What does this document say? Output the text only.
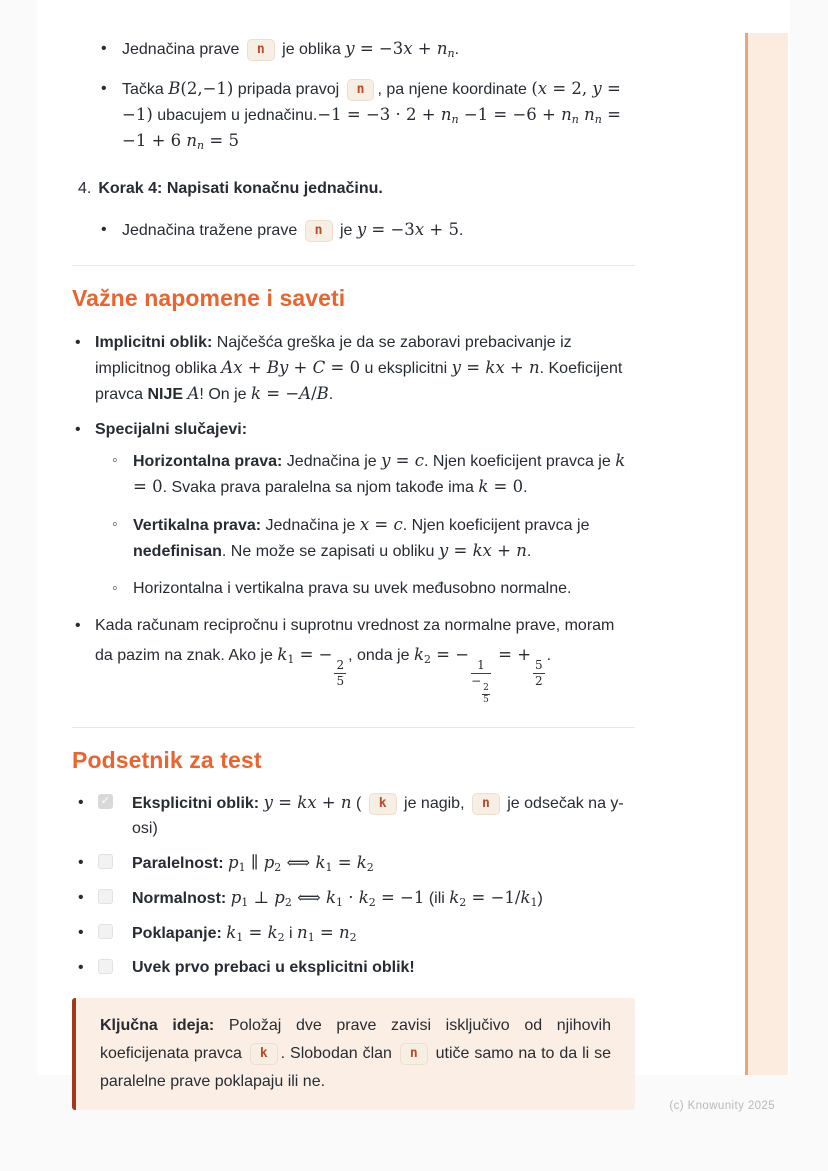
• Jednačina prave n je oblika $y = -3x + n_n$.
• Tačka B(2,−1) pripada pravoj n , pa njene koordinate (x = 2, y = −1) ubacujem u jednačinu.−1 = $-3 \cdot 2 + n_n -1 = -6 + n_n$ $n_n = -1 + 6$ $n_n = 5$
4. Korak 4: Napisati konačnu jednačinu.
• Jednačina tražene prave n je y = −3x + 5.
Važne napomene i saveti
• Implicitni oblik: Najčešća greška je da se zaboravi prebacivanje iz implicitnog oblika Ax + By + C = 0 u eksplicitni y = kx + n. Koeficijent pravca NIJE A! On je k = −A/B.
• Specijalni slučajevi:
◦ Horizontalna prava: Jednačina je y = c. Njen koeficijent pravca je k = 0. Svaka prava paralelna sa njom takođe ima k = 0.
◦ Vertikalna prava: Jednačina je x = c. Njen koeficijent pravca je nedefinisan. Ne može se zapisati u obliku y = kx + n.
◦ Horizontalna i vertikalna prava su uvek međusobno normalne.
• Kada računam recipročnu i suprotnu vrednost za normalne prave, moram da pazim na znak. Ako je $k_1$ = −
$\frac{2}{5}$
, onda je $k_2$ = −
1
−
$\frac{2}{5}$
= +
$\frac{5}{2}$
.
Podsetnik za test
• ✓ Eksplicitni oblik: y = kx + n ( k je nagib, n je odsečak na y-osi)
• Paralelnost: $p_1$ ∥ $p_2$ ⟺ $k_1 = k_2$
• Normalnost: $p_1$ ⊥ $p_2$ ⟺ $k_1 \cdot k_2 = -1$ (ili $k_2 = -1/k_1$)
• Poklapanje: $k_1 = k_2$ i $n_1 = n_2$
• Uvek prvo prebaci u eksplicitni oblik!

Ključna ideja: Položaj dve prave zavisi isključivo od njihovih koeficijenata pravca k . Slobodan član n utiče samo na to da li se paralelne prave poklapaju ili ne.

(c) Knowunity 2025
